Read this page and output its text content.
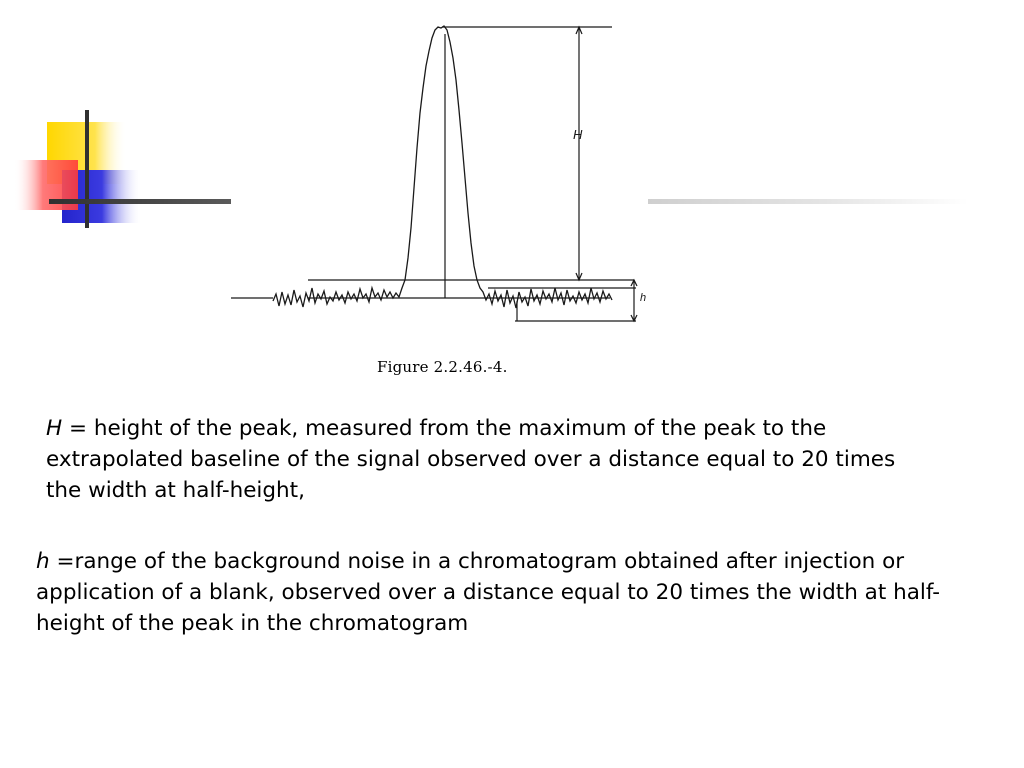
H
h
Figure 2.2.46.-4.

H = height of the peak, measured from the maximum of the peak to the extrapolated baseline of the signal observed over a distance equal to 20 times the width at half-height,

h =range of the background noise in a chromatogram obtained after injection or application of a blank, observed over a distance equal to 20 times the width at half-height of the peak in the chromatogram
